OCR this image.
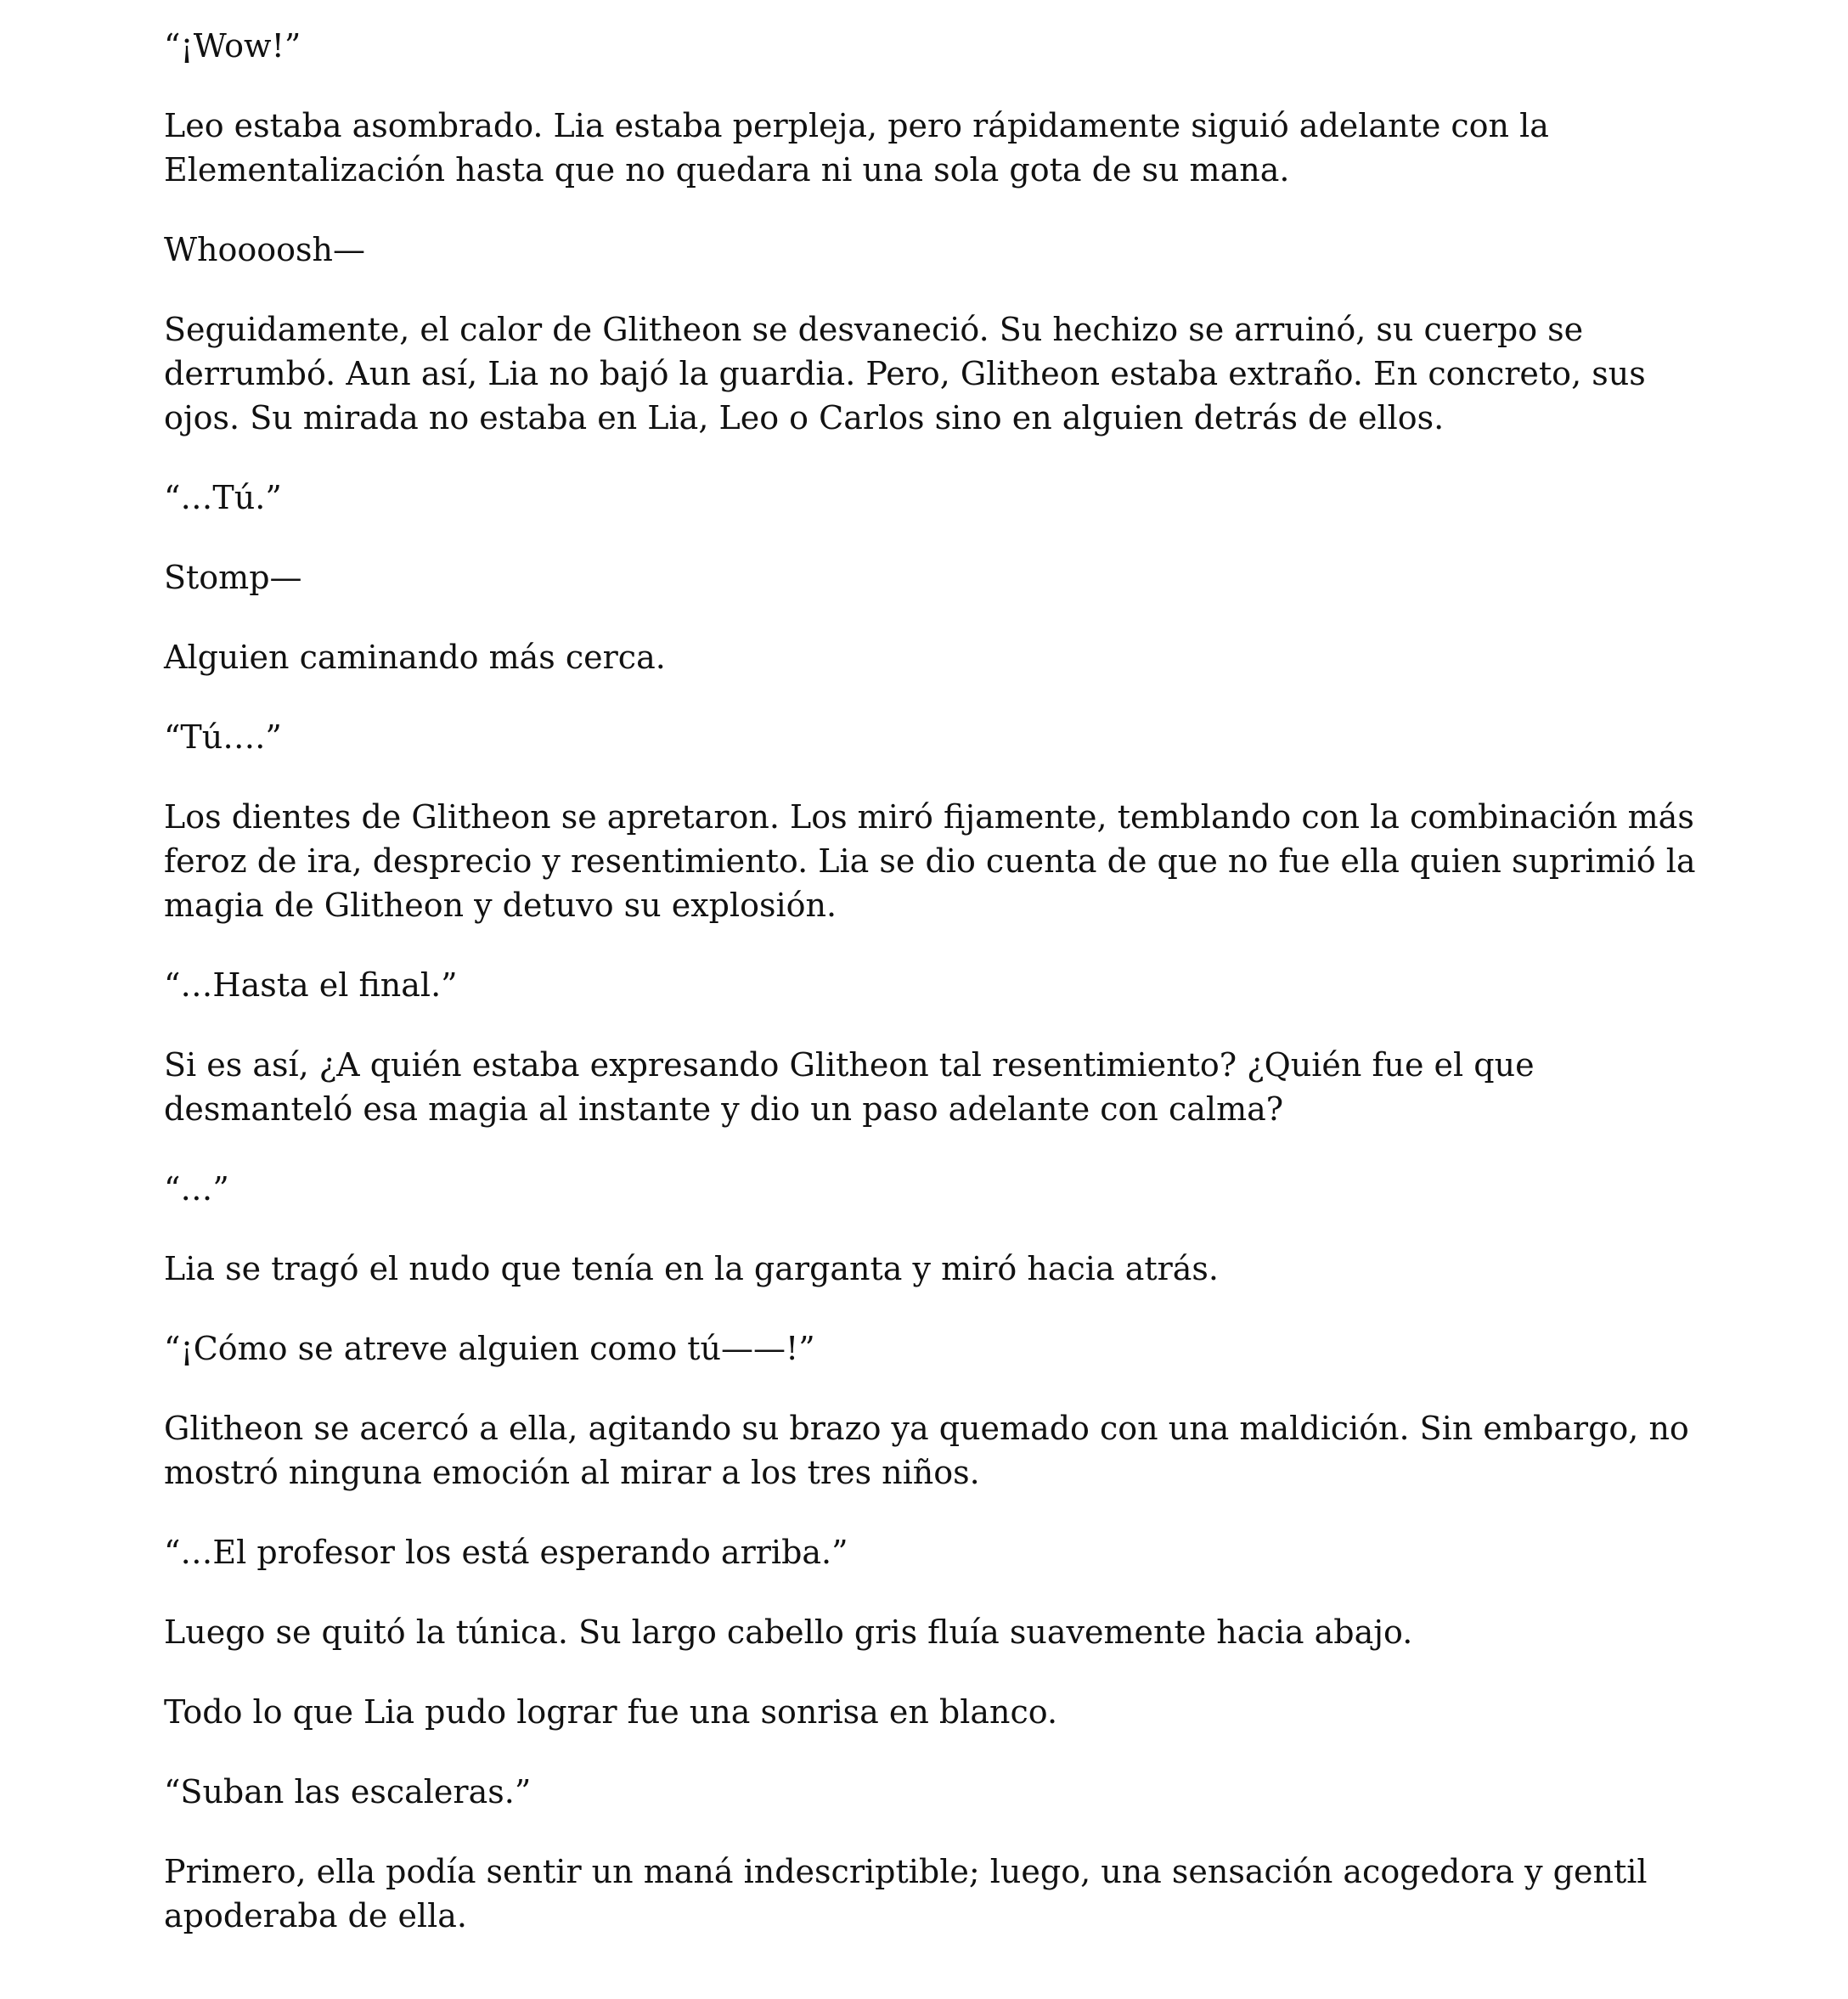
“¡Wow!”

Leo estaba asombrado. Lia estaba perpleja, pero rápidamente siguió adelante con la Elementalización hasta que no quedara ni una sola gota de su mana.

Whoooosh—

Seguidamente, el calor de Glitheon se desvaneció. Su hechizo se arruinó, su cuerpo se derrumbó. Aun así, Lia no bajó la guardia. Pero, Glitheon estaba extraño. En concreto, sus ojos. Su mirada no estaba en Lia, Leo o Carlos sino en alguien detrás de ellos.

“…Tú.”

Stomp—

Alguien caminando más cerca.

“Tú….”

Los dientes de Glitheon se apretaron. Los miró fijamente, temblando con la combinación más feroz de ira, desprecio y resentimiento. Lia se dio cuenta de que no fue ella quien suprimió la magia de Glitheon y detuvo su explosión.

“…Hasta el final.”

Si es así, ¿A quién estaba expresando Glitheon tal resentimiento? ¿Quién fue el que desmanteló esa magia al instante y dio un paso adelante con calma?

“…”

Lia se tragó el nudo que tenía en la garganta y miró hacia atrás.

“¡Cómo se atreve alguien como tú——!”

Glitheon se acercó a ella, agitando su brazo ya quemado con una maldición. Sin embargo, no mostró ninguna emoción al mirar a los tres niños.

“…El profesor los está esperando arriba.”

Luego se quitó la túnica. Su largo cabello gris fluía suavemente hacia abajo.

Todo lo que Lia pudo lograr fue una sonrisa en blanco.

“Suban las escaleras.”

Primero, ella podía sentir un maná indescriptible; luego, una sensación acogedora y gentil apoderaba de ella.
